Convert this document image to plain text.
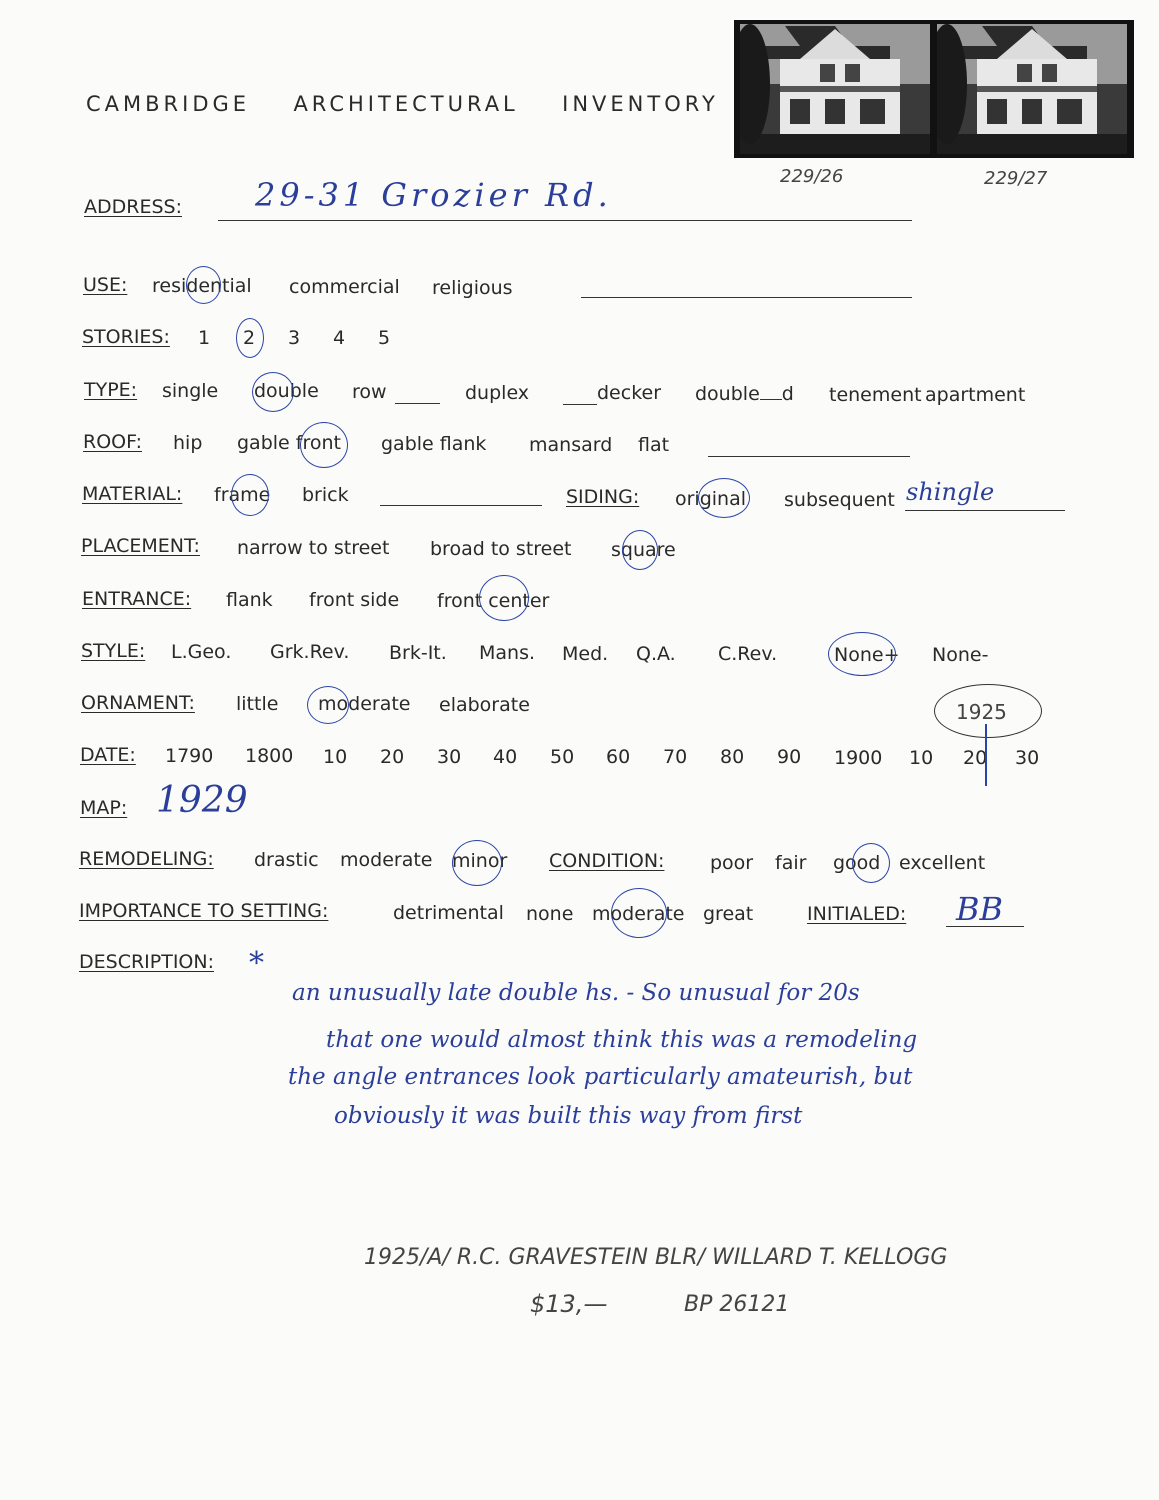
CAMBRIDGE ARCHITECTURAL INVENTORY
229/26	229/27
ADDRESS: 29-31 Grozier Rd.
USE: residential commercial religious
STORIES: 1 2 3 4 5
TYPE: single double row	duplex	decker double d tenement apartment
ROOF: hip gable front gable flank mansard flat
MATERIAL: frame brick	SIDING: original subsequent shingle
PLACEMENT: narrow to street broad to street square
ENTRANCE: flank front side front center
STYLE: L.Geo. Grk.Rev. Brk-It. Mans. Med. Q.A. C.Rev.	None+ None-
ORNAMENT: little moderate elaborate	1925
DATE: 1790 1800 10 20 30 40 50 60 70 80 90 1900 10 20 30
MAP: 1929
REMODELING: drastic moderate minor CONDITION: poor fair good excellent
IMPORTANCE TO SETTING:	detrimental none moderate great	INITIALED: BB
DESCRIPTION: *
an unusually late double hs. - So unusual for 20s
that one would almost think this was a remodeling
the angle entrances look particularly amateurish, but
obviously it was built this way from first
1925/A/ R.C. GRAVESTEIN BLR/ WILLARD T. KELLOGG
$13,—	BP 26121
